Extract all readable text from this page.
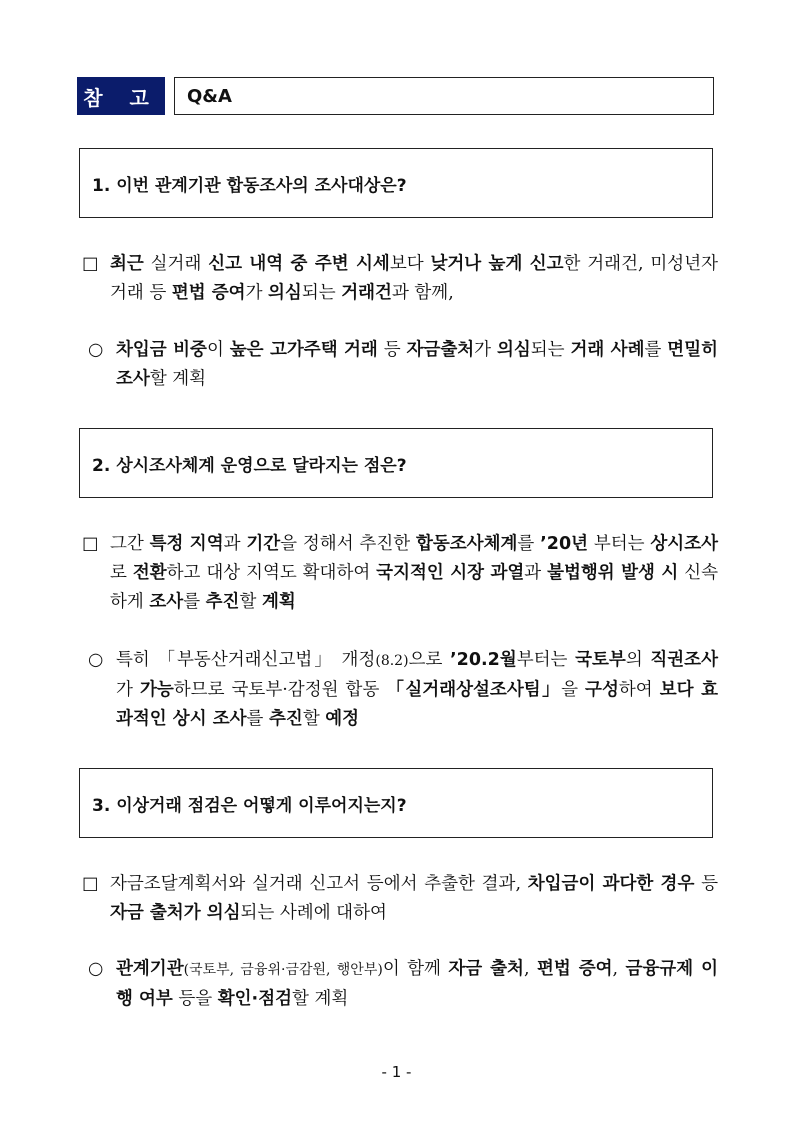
참 고	Q&A
1. 이번 관계기관 합동조사의 조사대상은?
□ 최근 실거래 신고 내역 중 주변 시세보다 낮거나 높게 신고한 거래건, 미성년자 거래 등 편법 증여가 의심되는 거래건과 함께,
○ 차입금 비중이 높은 고가주택 거래 등 자금출처가 의심되는 거래 사례를 면밀히 조사할 계획
2. 상시조사체계 운영으로 달라지는 점은?
□ 그간 특정 지역과 기간을 정해서 추진한 합동조사체계를 ’20년 부터는 상시조사로 전환하고 대상 지역도 확대하여 국지적인 시장 과열과 불법행위 발생 시 신속하게 조사를 추진할 계획
○ 특히 「부동산거래신고법」 개정(8.2)으로 ’20.2월부터는 국토부의 직권조사가 가능하므로 국토부·감정원 합동 「실거래상설조사팀」을 구성하여 보다 효과적인 상시 조사를 추진할 예정
3. 이상거래 점검은 어떻게 이루어지는지?
□ 자금조달계획서와 실거래 신고서 등에서 추출한 결과, 차입금이 과다한 경우 등 자금 출처가 의심되는 사례에 대하여
○ 관계기관(국토부, 금융위·금감원, 행안부)이 함께 자금 출처, 편법 증여, 금융규제 이행 여부 등을 확인·점검할 계획
- 1 -
